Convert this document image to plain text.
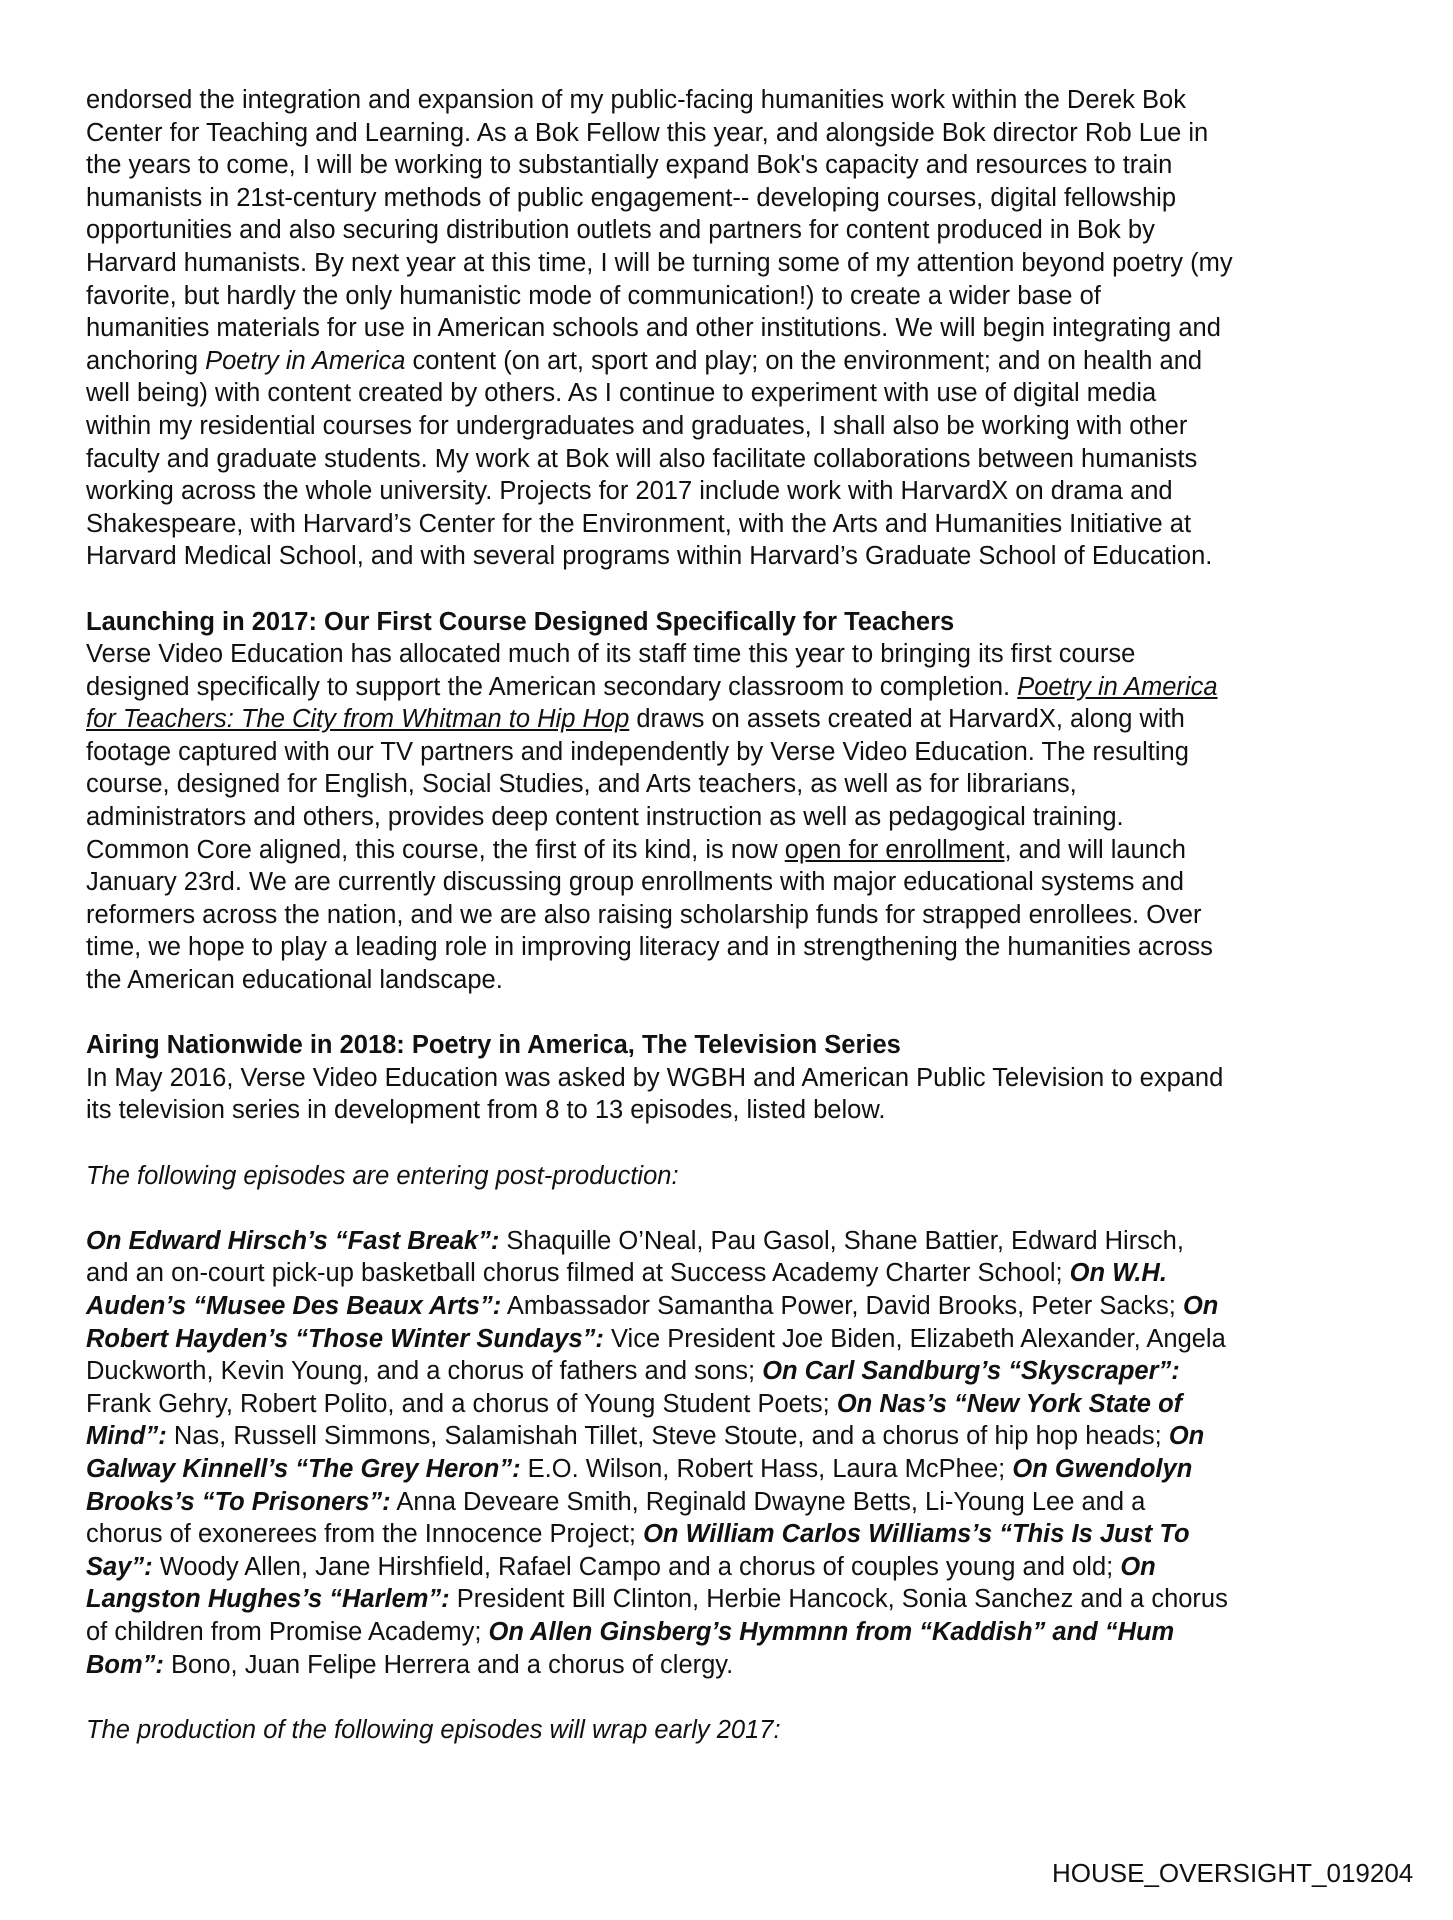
endorsed the integration and expansion of my public-facing humanities work within the Derek Bok
Center for Teaching and Learning. As a Bok Fellow this year, and alongside Bok director Rob Lue in
the years to come, I will be working to substantially expand Bok's capacity and resources to train
humanists in 21st-century methods of public engagement-- developing courses, digital fellowship
opportunities and also securing distribution outlets and partners for content produced in Bok by
Harvard humanists. By next year at this time, I will be turning some of my attention beyond poetry (my
favorite, but hardly the only humanistic mode of communication!) to create a wider base of
humanities materials for use in American schools and other institutions. We will begin integrating and
anchoring Poetry in America content (on art, sport and play; on the environment; and on health and
well being) with content created by others. As I continue to experiment with use of digital media
within my residential courses for undergraduates and graduates, I shall also be working with other
faculty and graduate students. My work at Bok will also facilitate collaborations between humanists
working across the whole university. Projects for 2017 include work with HarvardX on drama and
Shakespeare, with Harvard’s Center for the Environment, with the Arts and Humanities Initiative at
Harvard Medical School, and with several programs within Harvard’s Graduate School of Education.
Launching in 2017: Our First Course Designed Specifically for Teachers
Verse Video Education has allocated much of its staff time this year to bringing its first course
designed specifically to support the American secondary classroom to completion. Poetry in America
for Teachers: The City from Whitman to Hip Hop draws on assets created at HarvardX, along with
footage captured with our TV partners and independently by Verse Video Education. The resulting
course, designed for English, Social Studies, and Arts teachers, as well as for librarians,
administrators and others, provides deep content instruction as well as pedagogical training.
Common Core aligned, this course, the first of its kind, is now open for enrollment, and will launch
January 23rd. We are currently discussing group enrollments with major educational systems and
reformers across the nation, and we are also raising scholarship funds for strapped enrollees. Over
time, we hope to play a leading role in improving literacy and in strengthening the humanities across
the American educational landscape.
Airing Nationwide in 2018: Poetry in America, The Television Series
In May 2016, Verse Video Education was asked by WGBH and American Public Television to expand
its television series in development from 8 to 13 episodes, listed below.
The following episodes are entering post-production:
On Edward Hirsch’s “Fast Break”: Shaquille O’Neal, Pau Gasol, Shane Battier, Edward Hirsch,
and an on-court pick-up basketball chorus filmed at Success Academy Charter School; On W.H.
Auden’s “Musee Des Beaux Arts”: Ambassador Samantha Power, David Brooks, Peter Sacks; On
Robert Hayden’s “Those Winter Sundays”: Vice President Joe Biden, Elizabeth Alexander, Angela
Duckworth, Kevin Young, and a chorus of fathers and sons; On Carl Sandburg’s “Skyscraper”:
Frank Gehry, Robert Polito, and a chorus of Young Student Poets; On Nas’s “New York State of
Mind”: Nas, Russell Simmons, Salamishah Tillet, Steve Stoute, and a chorus of hip hop heads; On
Galway Kinnell’s “The Grey Heron”: E.O. Wilson, Robert Hass, Laura McPhee; On Gwendolyn
Brooks’s “To Prisoners”: Anna Deveare Smith, Reginald Dwayne Betts, Li-Young Lee and a
chorus of exonerees from the Innocence Project; On William Carlos Williams’s “This Is Just To
Say”: Woody Allen, Jane Hirshfield, Rafael Campo and a chorus of couples young and old; On
Langston Hughes’s “Harlem”: President Bill Clinton, Herbie Hancock, Sonia Sanchez and a chorus
of children from Promise Academy; On Allen Ginsberg’s Hymmnn from “Kaddish” and “Hum
Bom”: Bono, Juan Felipe Herrera and a chorus of clergy.
The production of the following episodes will wrap early 2017:
HOUSE_OVERSIGHT_019204
